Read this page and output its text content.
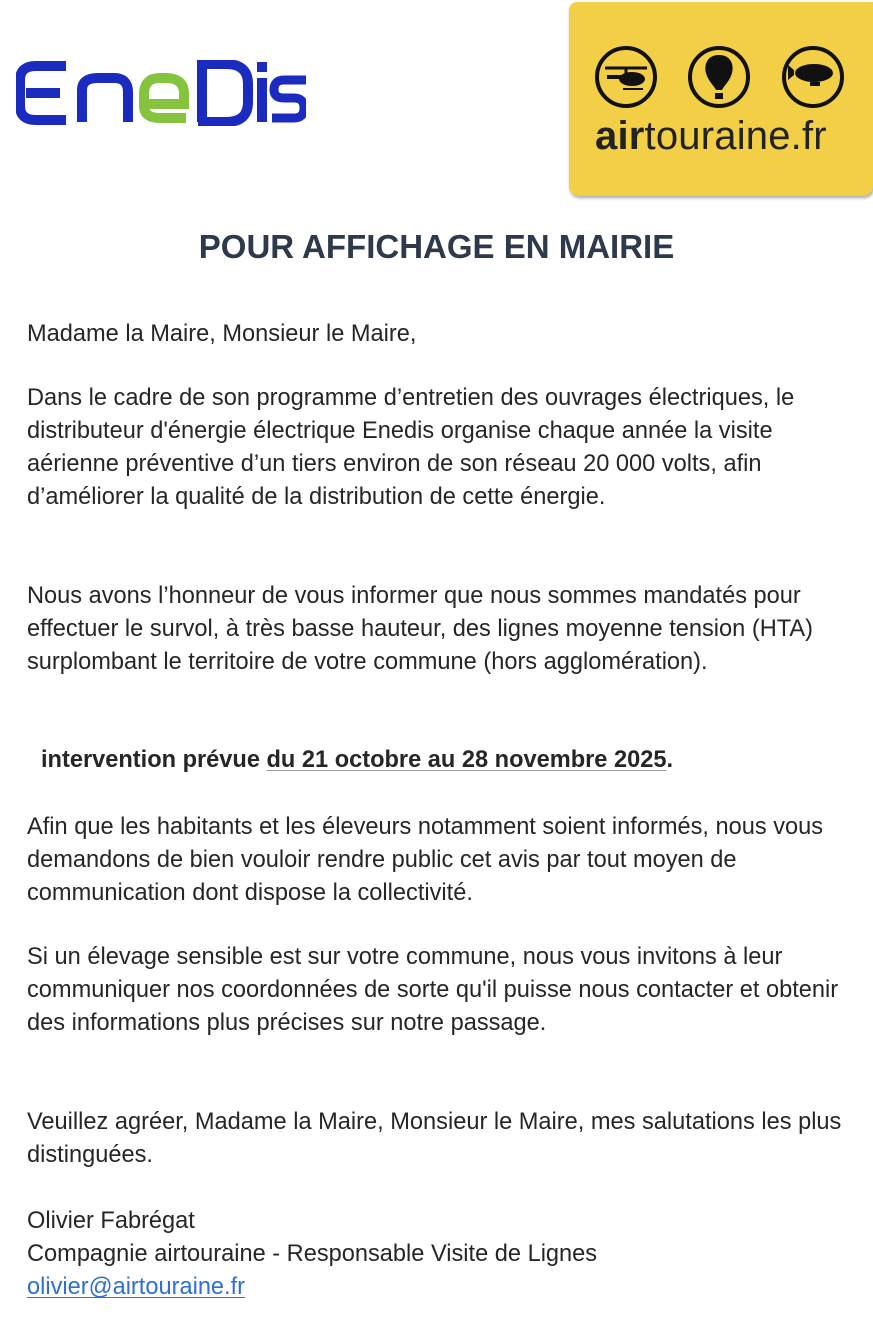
airtouraine.fr
POUR AFFICHAGE EN MAIRIE

Madame la Maire, Monsieur le Maire,

Dans le cadre de son programme d’entretien des ouvrages électriques, le distributeur d'énergie électrique Enedis organise chaque année la visite aérienne préventive d’un tiers environ de son réseau 20 000 volts, afin d’améliorer la qualité de la distribution de cette énergie.

Nous avons l’honneur de vous informer que nous sommes mandatés pour effectuer le survol, à très basse hauteur, des lignes moyenne tension (HTA) surplombant le territoire de votre commune (hors agglomération).

intervention prévue du 21 octobre au 28 novembre 2025.

Afin que les habitants et les éleveurs notamment soient informés, nous vous demandons de bien vouloir rendre public cet avis par tout moyen de communication dont dispose la collectivité.

Si un élevage sensible est sur votre commune, nous vous invitons à leur communiquer nos coordonnées de sorte qu'il puisse nous contacter et obtenir des informations plus précises sur notre passage.

Veuillez agréer, Madame la Maire, Monsieur le Maire, mes salutations les plus distinguées.

Olivier Fabrégat
Compagnie airtouraine - Responsable Visite de Lignes
olivier@airtouraine.fr
